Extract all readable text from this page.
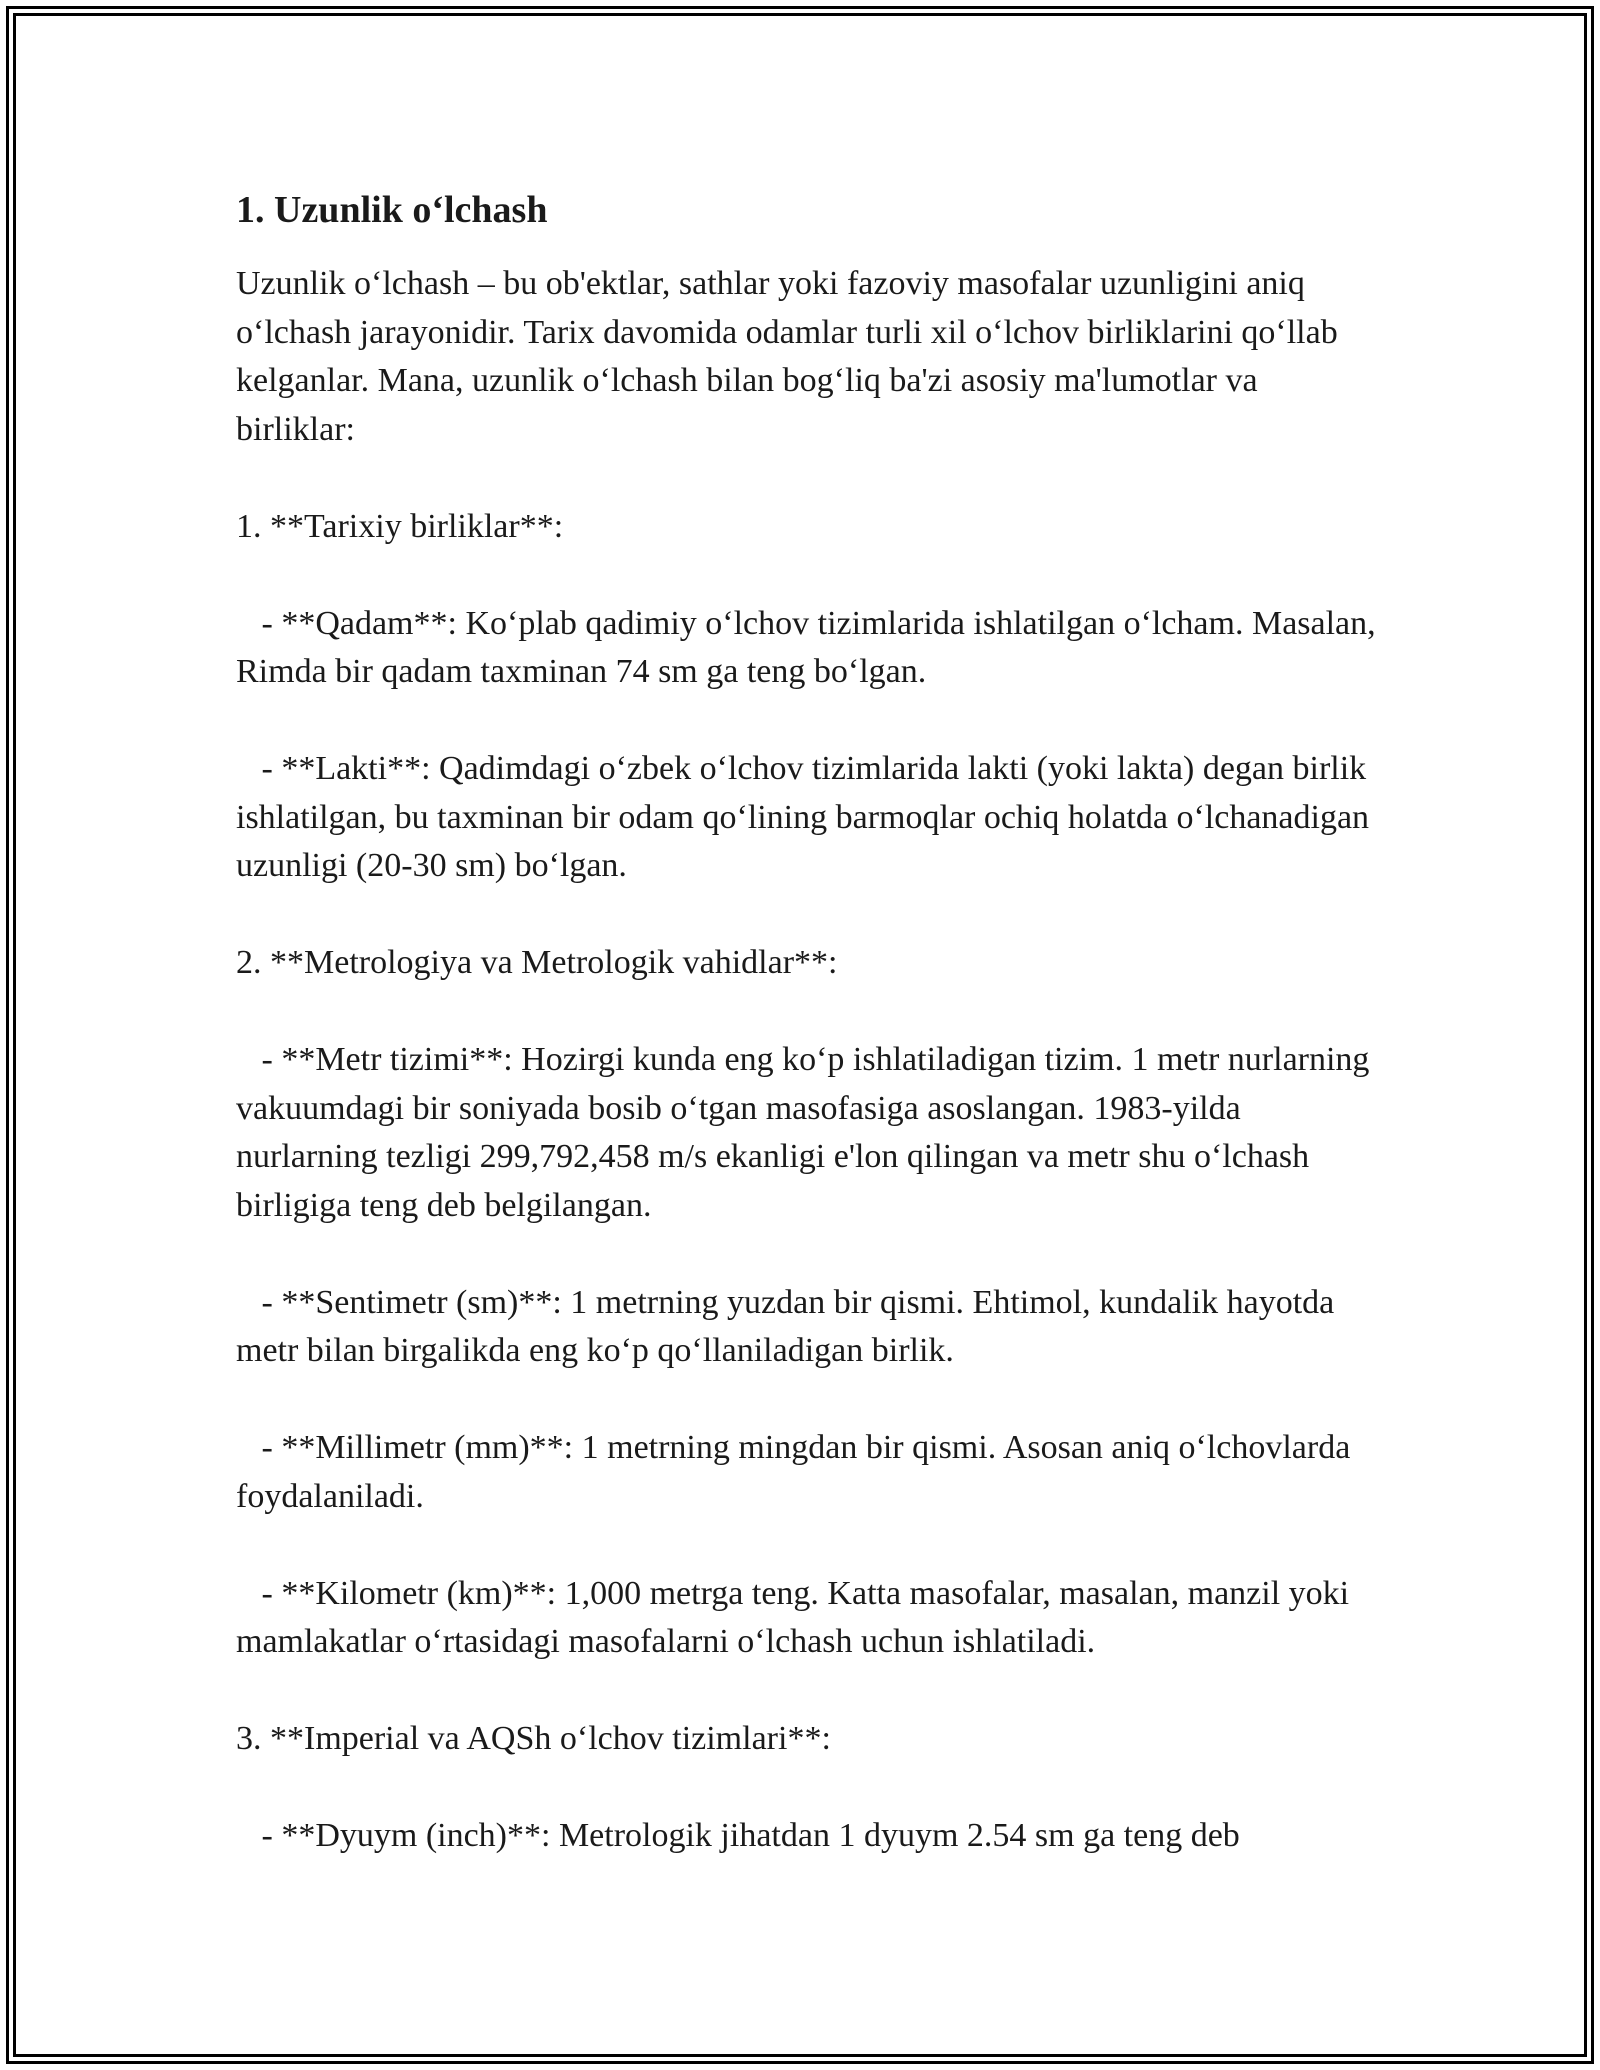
1. Uzunlik o‘lchash

Uzunlik o‘lchash – bu ob'ektlar, sathlar yoki fazoviy masofalar uzunligini aniq o‘lchash jarayonidir. Tarix davomida odamlar turli xil o‘lchov birliklarini qo‘llab kelganlar. Mana, uzunlik o‘lchash bilan bog‘liq ba'zi asosiy ma'lumotlar va birliklar:

1. **Tarixiy birliklar**:

- **Qadam**: Ko‘plab qadimiy o‘lchov tizimlarida ishlatilgan o‘lcham. Masalan, Rimda bir qadam taxminan 74 sm ga teng bo‘lgan.

- **Lakti**: Qadimdagi o‘zbek o‘lchov tizimlarida lakti (yoki lakta) degan birlik ishlatilgan, bu taxminan bir odam qo‘lining barmoqlar ochiq holatda o‘lchanadigan uzunligi (20-30 sm) bo‘lgan.

2. **Metrologiya va Metrologik vahidlar**:

- **Metr tizimi**: Hozirgi kunda eng ko‘p ishlatiladigan tizim. 1 metr nurlarning vakuumdagi bir soniyada bosib o‘tgan masofasiga asoslangan. 1983-yilda nurlarning tezligi 299,792,458 m/s ekanligi e'lon qilingan va metr shu o‘lchash birligiga teng deb belgilangan.

- **Sentimetr (sm)**: 1 metrning yuzdan bir qismi. Ehtimol, kundalik hayotda metr bilan birgalikda eng ko‘p qo‘llaniladigan birlik.

- **Millimetr (mm)**: 1 metrning mingdan bir qismi. Asosan aniq o‘lchovlarda foydalaniladi.

- **Kilometr (km)**: 1,000 metrga teng. Katta masofalar, masalan, manzil yoki mamlakatlar o‘rtasidagi masofalarni o‘lchash uchun ishlatiladi.

3. **Imperial va AQSh o‘lchov tizimlari**:

- **Dyuym (inch)**: Metrologik jihatdan 1 dyuym 2.54 sm ga teng deb
